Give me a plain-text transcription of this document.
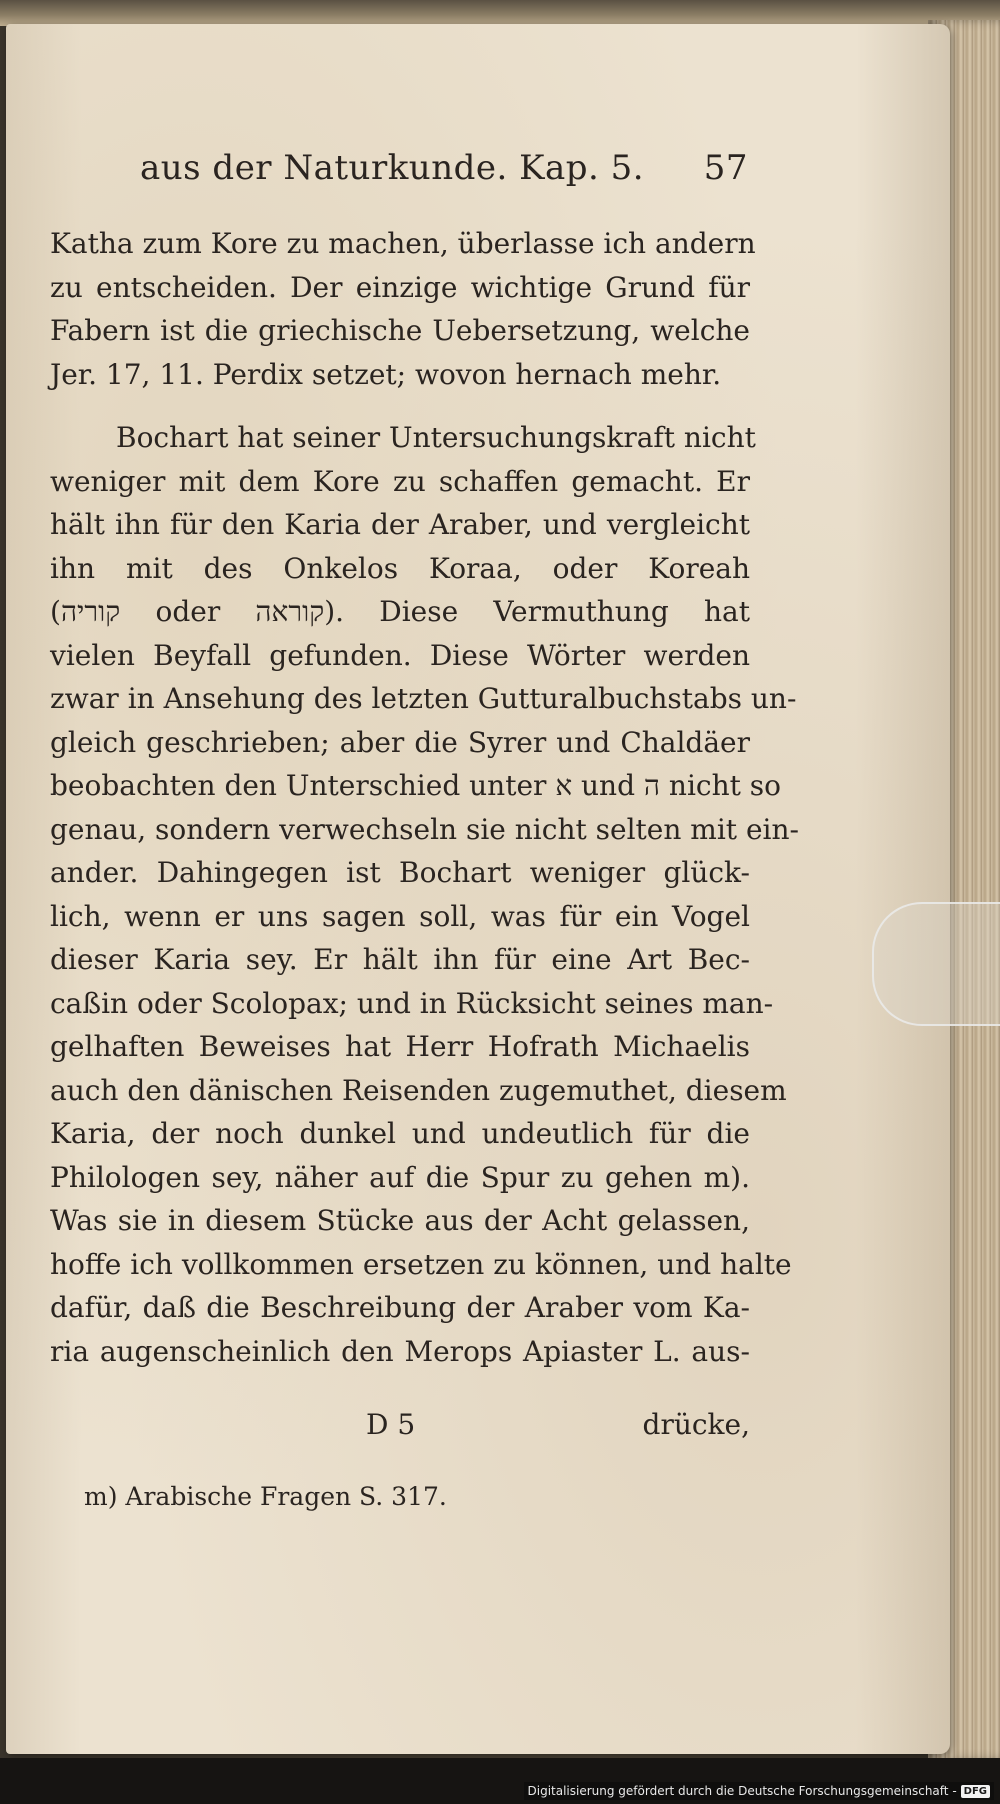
aus der Naturkunde. Kap. 5. 57
Katha zum Kore zu machen, überlasse ich andern
zu entscheiden. Der einzige wichtige Grund für
Fabern ist die griechische Uebersetzung, welche
Jer. 17, 11. Perdix setzet; wovon hernach mehr.
Bochart hat seiner Untersuchungskraft nicht
weniger mit dem Kore zu schaffen gemacht. Er
hält ihn für den Karia der Araber, und vergleicht
ihn mit des Onkelos Koraa, oder Koreah
(קוריה oder קוראה). Diese Vermuthung hat
vielen Beyfall gefunden. Diese Wörter werden
zwar in Ansehung des letzten Gutturalbuchstabs un-
gleich geschrieben; aber die Syrer und Chaldäer
beobachten den Unterschied unter א und ה nicht so
genau, sondern verwechseln sie nicht selten mit ein-
ander. Dahingegen ist Bochart weniger glück-
lich, wenn er uns sagen soll, was für ein Vogel
dieser Karia sey. Er hält ihn für eine Art Bec-
caßin oder Scolopax; und in Rücksicht seines man-
gelhaften Beweises hat Herr Hofrath Michaelis
auch den dänischen Reisenden zugemuthet, diesem
Karia, der noch dunkel und undeutlich für die
Philologen sey, näher auf die Spur zu gehen m).
Was sie in diesem Stücke aus der Acht gelassen,
hoffe ich vollkommen ersetzen zu können, und halte
dafür, daß die Beschreibung der Araber vom Ka-
ria augenscheinlich den Merops Apiaster L. aus-
D 5	drücke,
m) Arabische Fragen S. 317.
Digitalisierung gefördert durch die Deutsche Forschungsgemeinschaft - DFG
